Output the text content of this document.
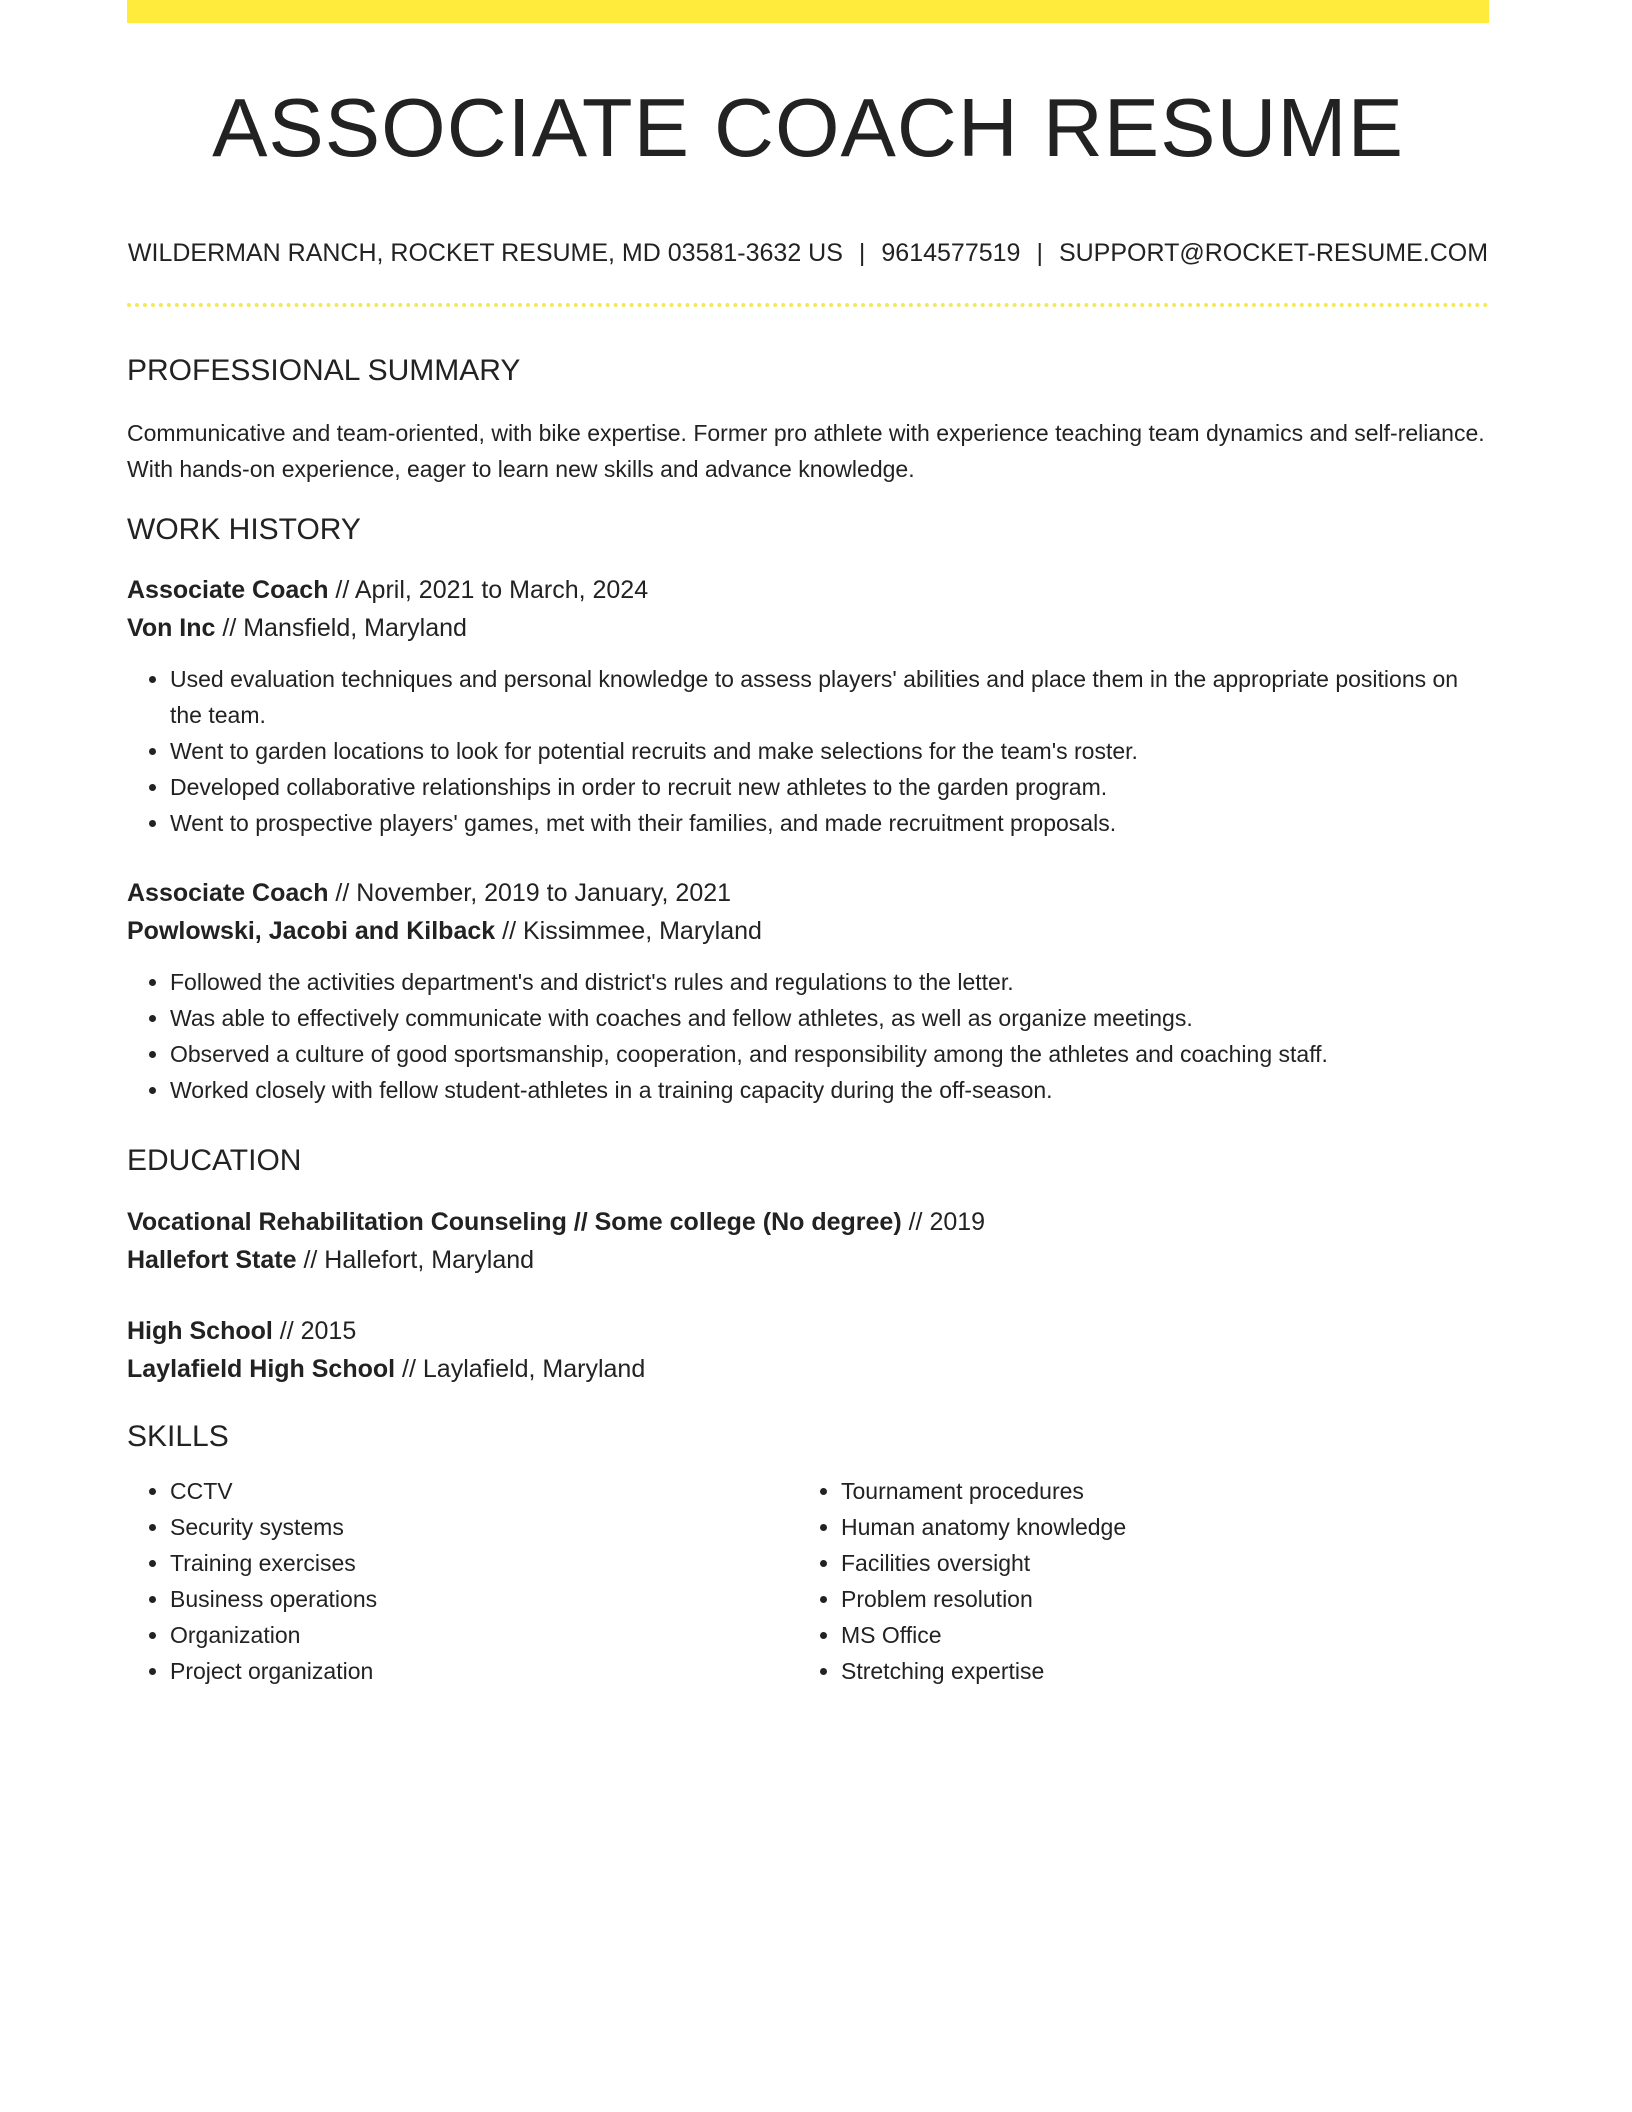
ASSOCIATE COACH RESUME
WILDERMAN RANCH, ROCKET RESUME, MD 03581-3632 US | 9614577519 | SUPPORT@ROCKET-RESUME.COM
PROFESSIONAL SUMMARY

Communicative and team-oriented, with bike expertise. Former pro athlete with experience teaching team dynamics and self-reliance. With hands-on experience, eager to learn new skills and advance knowledge.

WORK HISTORY

Associate Coach // April, 2021 to March, 2024

Von Inc // Mansfield, Maryland

• Used evaluation techniques and personal knowledge to assess players' abilities and place them in the appropriate positions on the team.
• Went to garden locations to look for potential recruits and make selections for the team's roster.
• Developed collaborative relationships in order to recruit new athletes to the garden program.
• Went to prospective players' games, met with their families, and made recruitment proposals.

Associate Coach // November, 2019 to January, 2021

Powlowski, Jacobi and Kilback // Kissimmee, Maryland

• Followed the activities department's and district's rules and regulations to the letter.
• Was able to effectively communicate with coaches and fellow athletes, as well as organize meetings.
• Observed a culture of good sportsmanship, cooperation, and responsibility among the athletes and coaching staff.
• Worked closely with fellow student-athletes in a training capacity during the off-season.
EDUCATION

Vocational Rehabilitation Counseling // Some college (No degree) // 2019

Hallefort State // Hallefort, Maryland

High School // 2015

Laylafield High School // Laylafield, Maryland

SKILLS
• CCTV
• Security systems
• Training exercises
• Business operations
• Organization
• Project organization
• Tournament procedures
• Human anatomy knowledge
• Facilities oversight
• Problem resolution
• MS Office
• Stretching expertise
